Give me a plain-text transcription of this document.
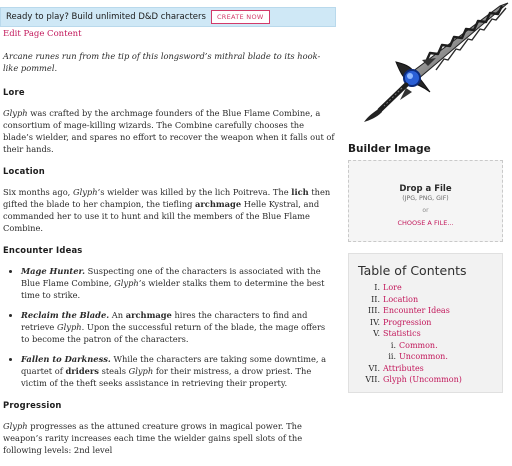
Ready to play? Build unlimited D&D characters	CREATE NOW
Edit Page Content

Arcane runes run from the tip of this longsword’s mithral blade to its hook-like pommel.

Lore

Glyph was crafted by the archmage founders of the Blue Flame Combine, a consortium of mage-killing wizards. The Combine carefully chooses the blade’s wielder, and spares no effort to recover the weapon when it falls out of their hands.

Location

Six months ago, Glyph’s wielder was killed by the lich Poitreva. The lich then gifted the blade to her champion, the tiefling archmage Helle Kystral, and commanded her to use it to hunt and kill the members of the Blue Flame Combine.

Encounter Ideas
• Mage Hunter. Suspecting one of the characters is associated with the Blue Flame Combine, Glyph’s wielder stalks them to determine the best time to strike.
• Reclaim the Blade. An archmage hires the characters to find and retrieve Glyph. Upon the successful return of the blade, the mage offers to become the patron of the characters.
• Fallen to Darkness. While the characters are taking some downtime, a quartet of driders steals Glyph for their mistress, a drow priest. The victim of the theft seeks assistance in retrieving their property.
Progression

Glyph progresses as the attuned creature grows in magical power. The weapon’s rarity increases each time the wielder gains spell slots of the following levels: 2nd level

Builder Image
Drop a File
(JPG, PNG, GIF)
or
CHOOSE A FILE...
Table of Contents
I. Lore
II. Location
III. Encounter Ideas
IV. Progression
V. Statistics
i. Common.
ii. Uncommon.
VI. Attributes
VII. Glyph (Uncommon)
